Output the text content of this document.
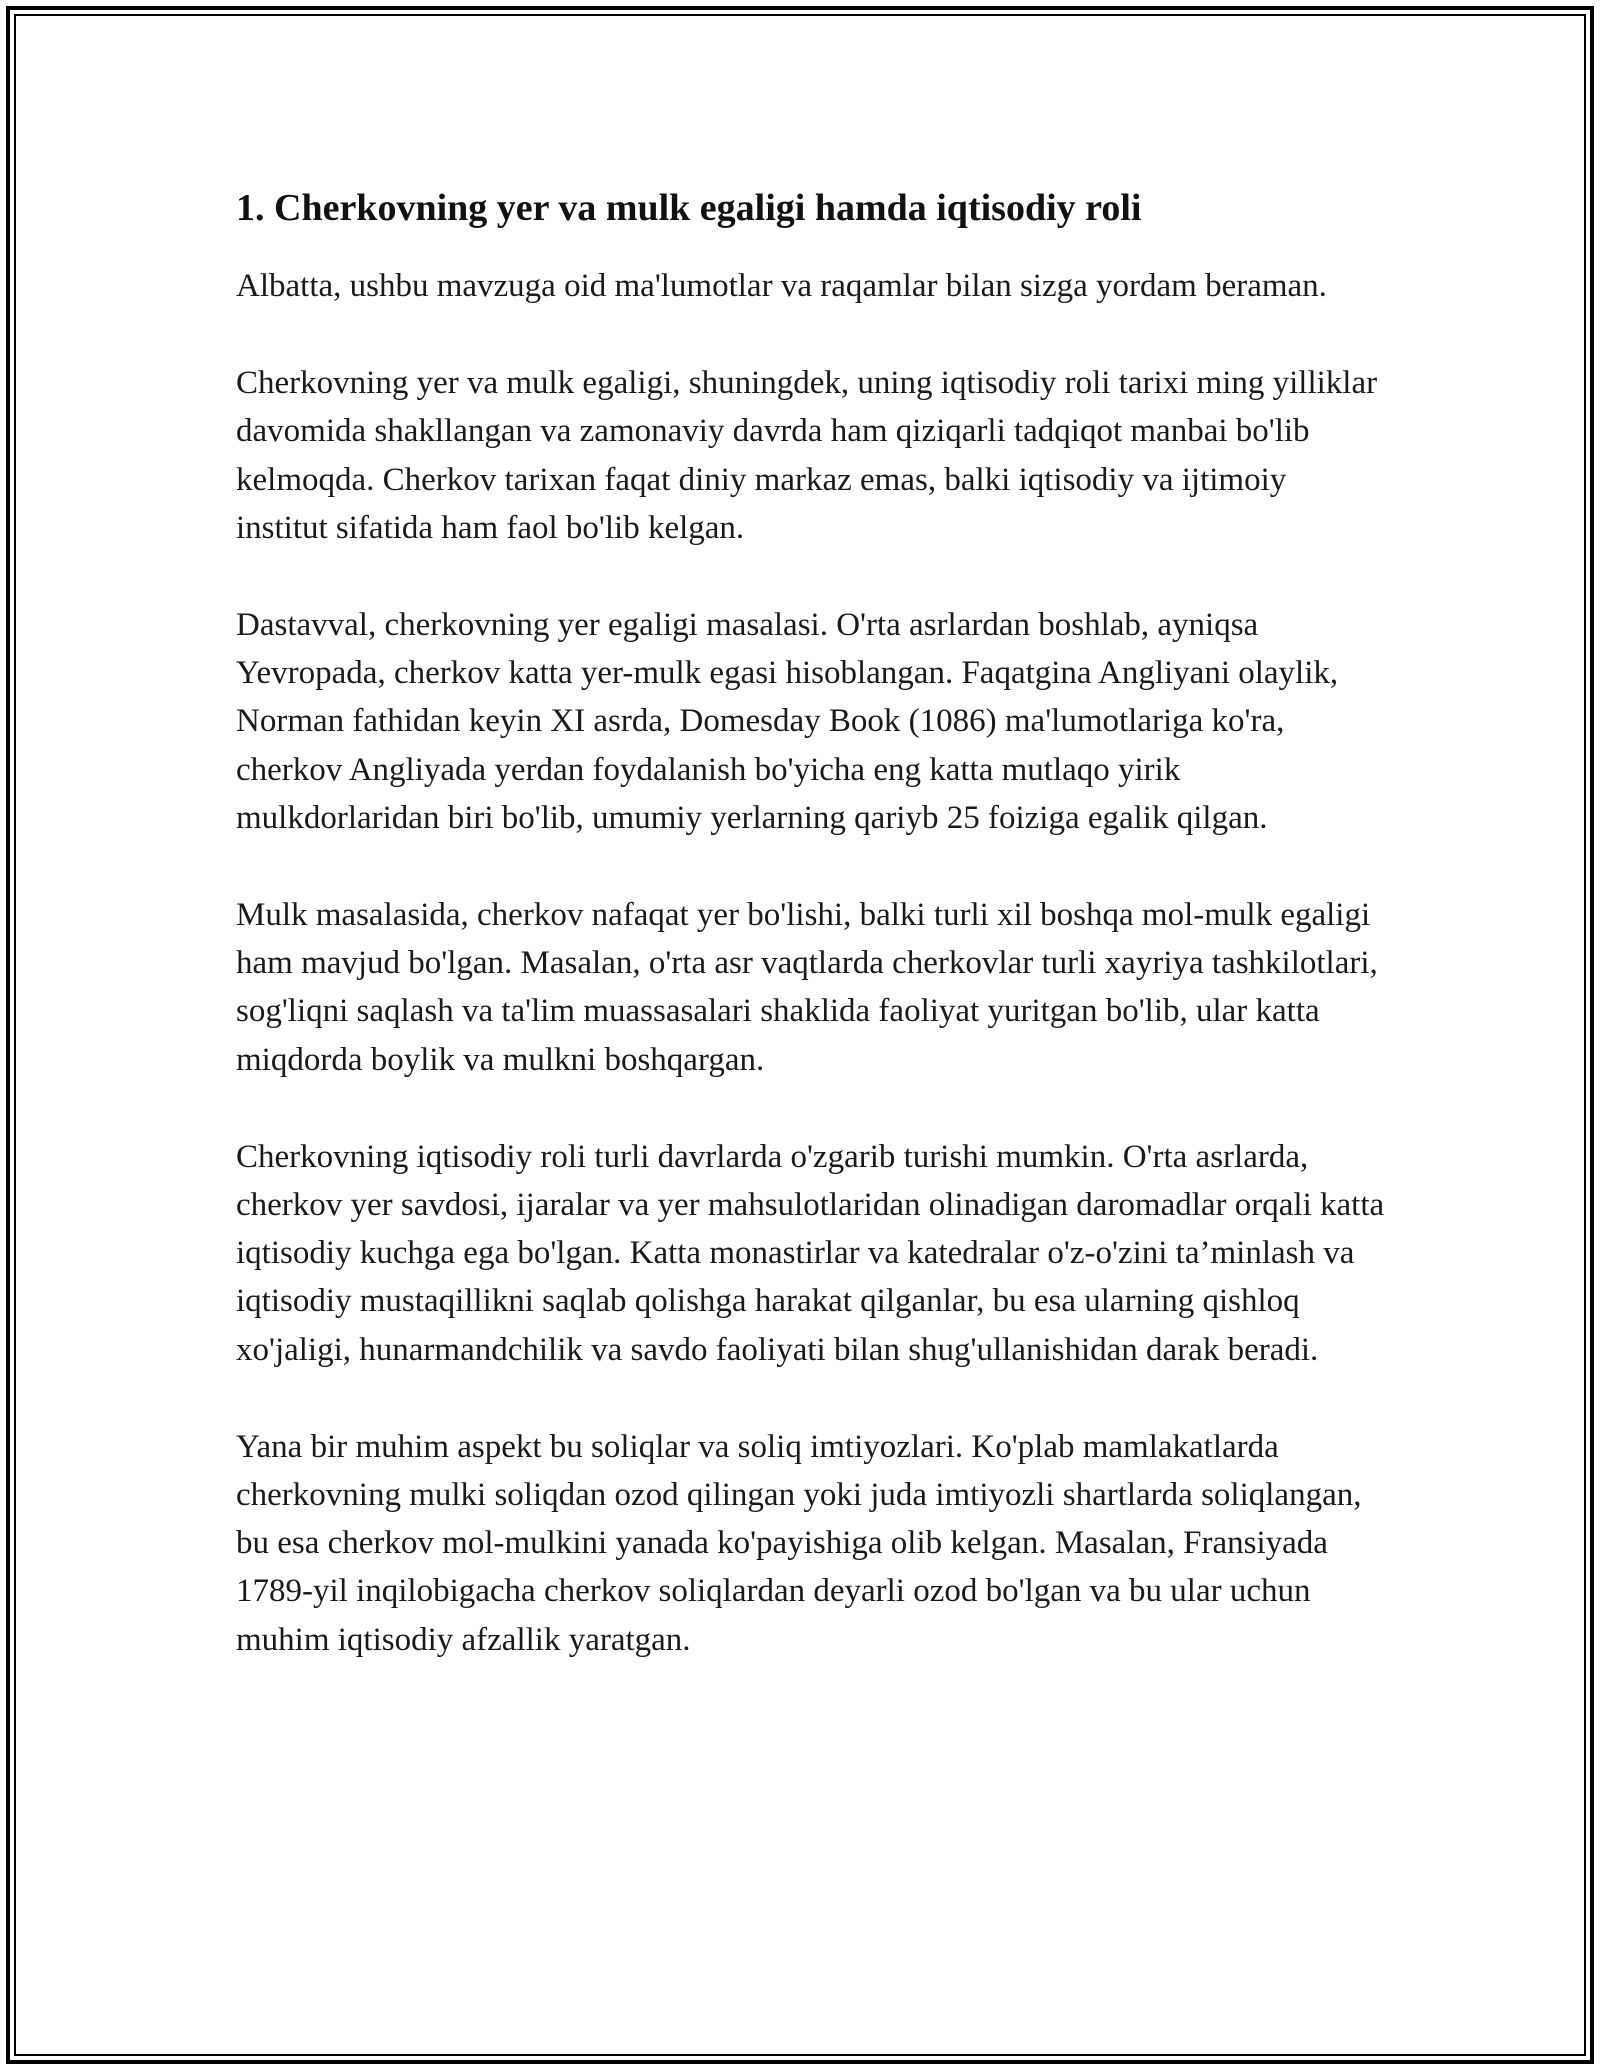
1. Cherkovning yer va mulk egaligi hamda iqtisodiy roli

Albatta, ushbu mavzuga oid ma'lumotlar va raqamlar bilan sizga yordam beraman.

Cherkovning yer va mulk egaligi, shuningdek, uning iqtisodiy roli tarixi ming yilliklar davomida shakllangan va zamonaviy davrda ham qiziqarli tadqiqot manbai bo'lib kelmoqda. Cherkov tarixan faqat diniy markaz emas, balki iqtisodiy va ijtimoiy institut sifatida ham faol bo'lib kelgan.

Dastavval, cherkovning yer egaligi masalasi. O'rta asrlardan boshlab, ayniqsa Yevropada, cherkov katta yer-mulk egasi hisoblangan. Faqatgina Angliyani olaylik, Norman fathidan keyin XI asrda, Domesday Book (1086) ma'lumotlariga ko'ra, cherkov Angliyada yerdan foydalanish bo'yicha eng katta mutlaqo yirik mulkdorlaridan biri bo'lib, umumiy yerlarning qariyb 25 foiziga egalik qilgan.

Mulk masalasida, cherkov nafaqat yer bo'lishi, balki turli xil boshqa mol-mulk egaligi ham mavjud bo'lgan. Masalan, o'rta asr vaqtlarda cherkovlar turli xayriya tashkilotlari, sog'liqni saqlash va ta'lim muassasalari shaklida faoliyat yuritgan bo'lib, ular katta miqdorda boylik va mulkni boshqargan.

Cherkovning iqtisodiy roli turli davrlarda o'zgarib turishi mumkin. O'rta asrlarda, cherkov yer savdosi, ijaralar va yer mahsulotlaridan olinadigan daromadlar orqali katta iqtisodiy kuchga ega bo'lgan. Katta monastirlar va katedralar o'z-o'zini ta’minlash va iqtisodiy mustaqillikni saqlab qolishga harakat qilganlar, bu esa ularning qishloq xo'jaligi, hunarmandchilik va savdo faoliyati bilan shug'ullanishidan darak beradi.

Yana bir muhim aspekt bu soliqlar va soliq imtiyozlari. Ko'plab mamlakatlarda cherkovning mulki soliqdan ozod qilingan yoki juda imtiyozli shartlarda soliqlangan, bu esa cherkov mol-mulkini yanada ko'payishiga olib kelgan. Masalan, Fransiyada 1789-yil inqilobigacha cherkov soliqlardan deyarli ozod bo'lgan va bu ular uchun muhim iqtisodiy afzallik yaratgan.
